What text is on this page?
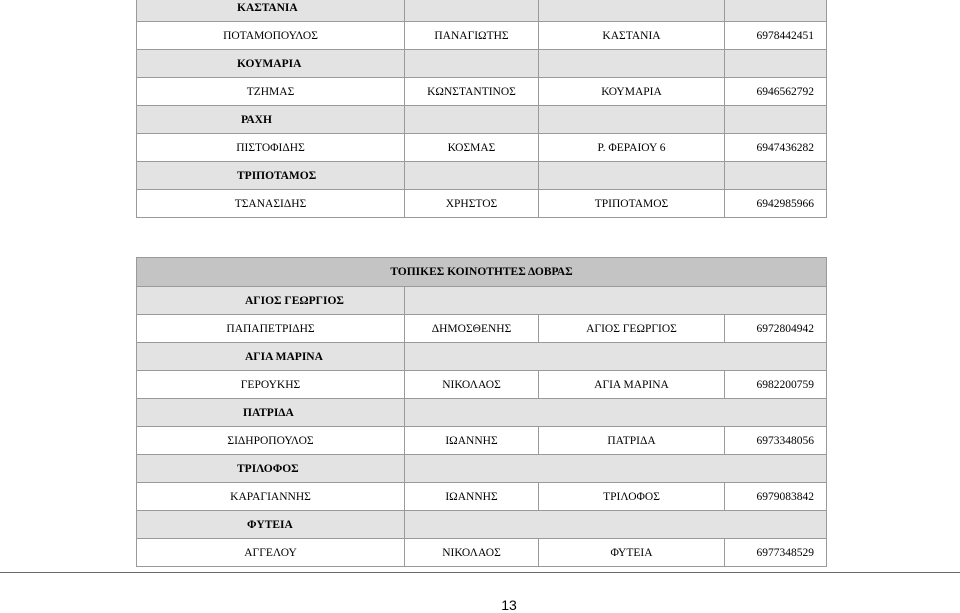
ΚΑΣΤΑΝΙΑ			
ΠΟΤΑΜΟΠΟΥΛΟΣ	ΠΑΝΑΓΙΩΤΗΣ	ΚΑΣΤΑΝΙΑ	6978442451
ΚΟΥΜΑΡΙΑ			
ΤΖΗΜΑΣ	ΚΩΝΣΤΑΝΤΙΝΟΣ	ΚΟΥΜΑΡΙΑ	6946562792
ΡΑΧΗ			
ΠΙΣΤΟΦΙΔΗΣ	ΚΟΣΜΑΣ	Ρ. ΦΕΡΑΙΟΥ 6	6947436282
ΤΡΙΠΟΤΑΜΟΣ			
ΤΣΑΝΑΣΙΔΗΣ	ΧΡΗΣΤΟΣ	ΤΡΙΠΟΤΑΜΟΣ	6942985966
ΤΟΠΙΚΕΣ ΚΟΙΝΟΤΗΤΕΣ ΔΟΒΡΑΣ			
ΑΓΙΟΣ ΓΕΩΡΓΙΟΣ			
ΠΑΠΑΠΕΤΡΙΔΗΣ	ΔΗΜΟΣΘΕΝΗΣ	ΑΓΙΟΣ ΓΕΩΡΓΙΟΣ	6972804942
ΑΓΙΑ ΜΑΡΙΝΑ			
ΓΕΡΟΥΚΗΣ	ΝΙΚΟΛΑΟΣ	ΑΓΙΑ ΜΑΡΙΝΑ	6982200759
ΠΑΤΡΙΔΑ			
ΣΙΔΗΡΟΠΟΥΛΟΣ	ΙΩΑΝΝΗΣ	ΠΑΤΡΙΔΑ	6973348056
ΤΡΙΛΟΦΟΣ			
ΚΑΡΑΓΙΑΝΝΗΣ	ΙΩΑΝΝΗΣ	ΤΡΙΛΟΦΟΣ	6979083842
ΦΥΤΕΙΑ			
ΑΓΓΕΛΟΥ	ΝΙΚΟΛΑΟΣ	ΦΥΤΕΙΑ	6977348529
13
